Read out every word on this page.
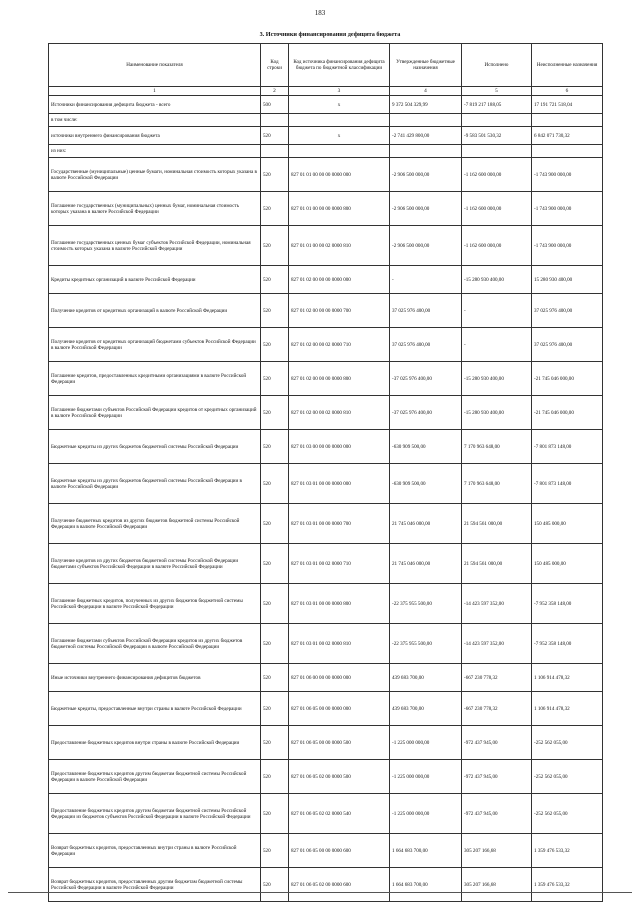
183
3. Источники финансирования дефицита бюджета
Наименование показателя	Код строки	Код источника финансирования дефицита бюджета по бюджетной классификации	Утвержденные бюджетные назначения	Исполнено	Неисполненные назначения
1	2	3	4	5	6
Источники финансирования дефицита бюджета - всего	500	x	9 372 504 329,99	-7 819 217 188,05	17 191 721 518,04
в том числе:					
источники внутреннего финансирования бюджета	520	x	-2 741 429 800,00	-9 583 501 530,32	6 842 071 730,32
из них:					
Государственные (муниципальные) ценные бумаги, номинальная стоимость которых указана в валюте Российской Федерации	520	827 01 01 00 00 00 0000 000	-2 906 500 000,00	-1 162 600 000,00	-1 743 900 000,00
Погашение государственных (муниципальных) ценных бумаг, номинальная стоимость которых указана в валюте Российской Федерации	520	827 01 01 00 00 00 0000 800	-2 906 500 000,00	-1 162 600 000,00	-1 743 900 000,00
Погашение государственных ценных бумаг субъектов Российской Федерации, номинальная стоимость которых указана в валюте Российской Федерации	520	827 01 01 00 00 02 0000 810	-2 906 500 000,00	-1 162 600 000,00	-1 743 900 000,00
Кредиты кредитных организаций в валюте Российской Федерации	520	827 01 02 00 00 00 0000 000	-	-15 280 930 400,00	15 280 930 400,00
Получение кредитов от кредитных организаций в валюте Российской Федерации	520	827 01 02 00 00 00 0000 700	37 025 976 400,00	-	37 025 976 400,00
Получение кредитов от кредитных организаций бюджетами субъектов Российской Федерации в валюте Российской Федерации	520	827 01 02 00 00 02 0000 710	37 025 976 400,00	-	37 025 976 400,00
Погашение кредитов, предоставленных кредитными организациями в валюте Российской Федерации	520	827 01 02 00 00 00 0000 800	-37 025 976 400,00	-15 280 930 400,00	-21 745 046 000,00
Погашение бюджетами субъектов Российской Федерации кредитов от кредитных организаций в валюте Российской Федерации	520	827 01 02 00 00 02 0000 810	-37 025 976 400,00	-15 280 930 400,00	-21 745 046 000,00
Бюджетные кредиты из других бюджетов бюджетной системы Российской Федерации	520	827 01 03 00 00 00 0000 000	-630 909 500,00	7 170 963 648,00	-7 801 873 148,00
Бюджетные кредиты из других бюджетов бюджетной системы Российской Федерации в валюте Российской Федерации	520	827 01 03 01 00 00 0000 000	-630 909 500,00	7 170 963 648,00	-7 801 873 148,00
Получение бюджетных кредитов из других бюджетов бюджетной системы Российской Федерации в валюте Российской Федерации	520	827 01 03 01 00 00 0000 700	21 745 046 000,00	21 594 561 000,00	150 485 000,00
Получение кредитов из других бюджетов бюджетной системы Российской Федерации бюджетами субъектов Российской Федерации в валюте Российской Федерации	520	827 01 03 01 00 02 0000 710	21 745 046 000,00	21 594 561 000,00	150 485 000,00
Погашение бюджетных кредитов, полученных из других бюджетов бюджетной системы Российской Федерации в валюте Российской Федерации	520	827 01 03 01 00 00 0000 800	-22 375 955 500,00	-14 423 597 352,00	-7 952 358 148,00
Погашение бюджетами субъектов Российской Федерации кредитов из других бюджетов бюджетной системы Российской Федерации в валюте Российской Федерации	520	827 01 03 01 00 02 0000 810	-22 375 955 500,00	-14 423 597 352,00	-7 952 358 148,00
Иные источники внутреннего финансирования дефицитов бюджетов	520	827 01 06 00 00 00 0000 000	439 683 700,00	-667 230 778,32	1 106 914 478,32
Бюджетные кредиты, предоставленные внутри страны в валюте Российской Федерации	520	827 01 06 05 00 00 0000 000	439 683 700,00	-667 230 778,32	1 106 914 478,32
Предоставление бюджетных кредитов внутри страны в валюте Российской Федерации	520	827 01 06 05 00 00 0000 500	-1 225 000 000,00	-972 437 945,00	-252 562 055,00
Предоставление бюджетных кредитов другим бюджетам бюджетной системы Российской Федерации в валюте Российской Федерации	520	827 01 06 05 02 00 0000 500	-1 225 000 000,00	-972 437 945,00	-252 562 055,00
Предоставление бюджетных кредитов другим бюджетам бюджетной системы Российской Федерации из бюджетов субъектов Российской Федерации в валюте Российской Федерации	520	827 01 06 05 02 02 0000 540	-1 225 000 000,00	-972 437 945,00	-252 562 055,00
Возврат бюджетных кредитов, предоставленных внутри страны в валюте Российской Федерации	520	827 01 06 05 00 00 0000 600	1 664 683 700,00	305 207 166,68	1 359 476 533,32
Возврат бюджетных кредитов, предоставленных другим бюджетам бюджетной системы Российской Федерации в валюте Российской Федерации	520	827 01 06 05 02 00 0000 600	1 664 683 700,00	305 207 166,68	1 359 476 533,32
